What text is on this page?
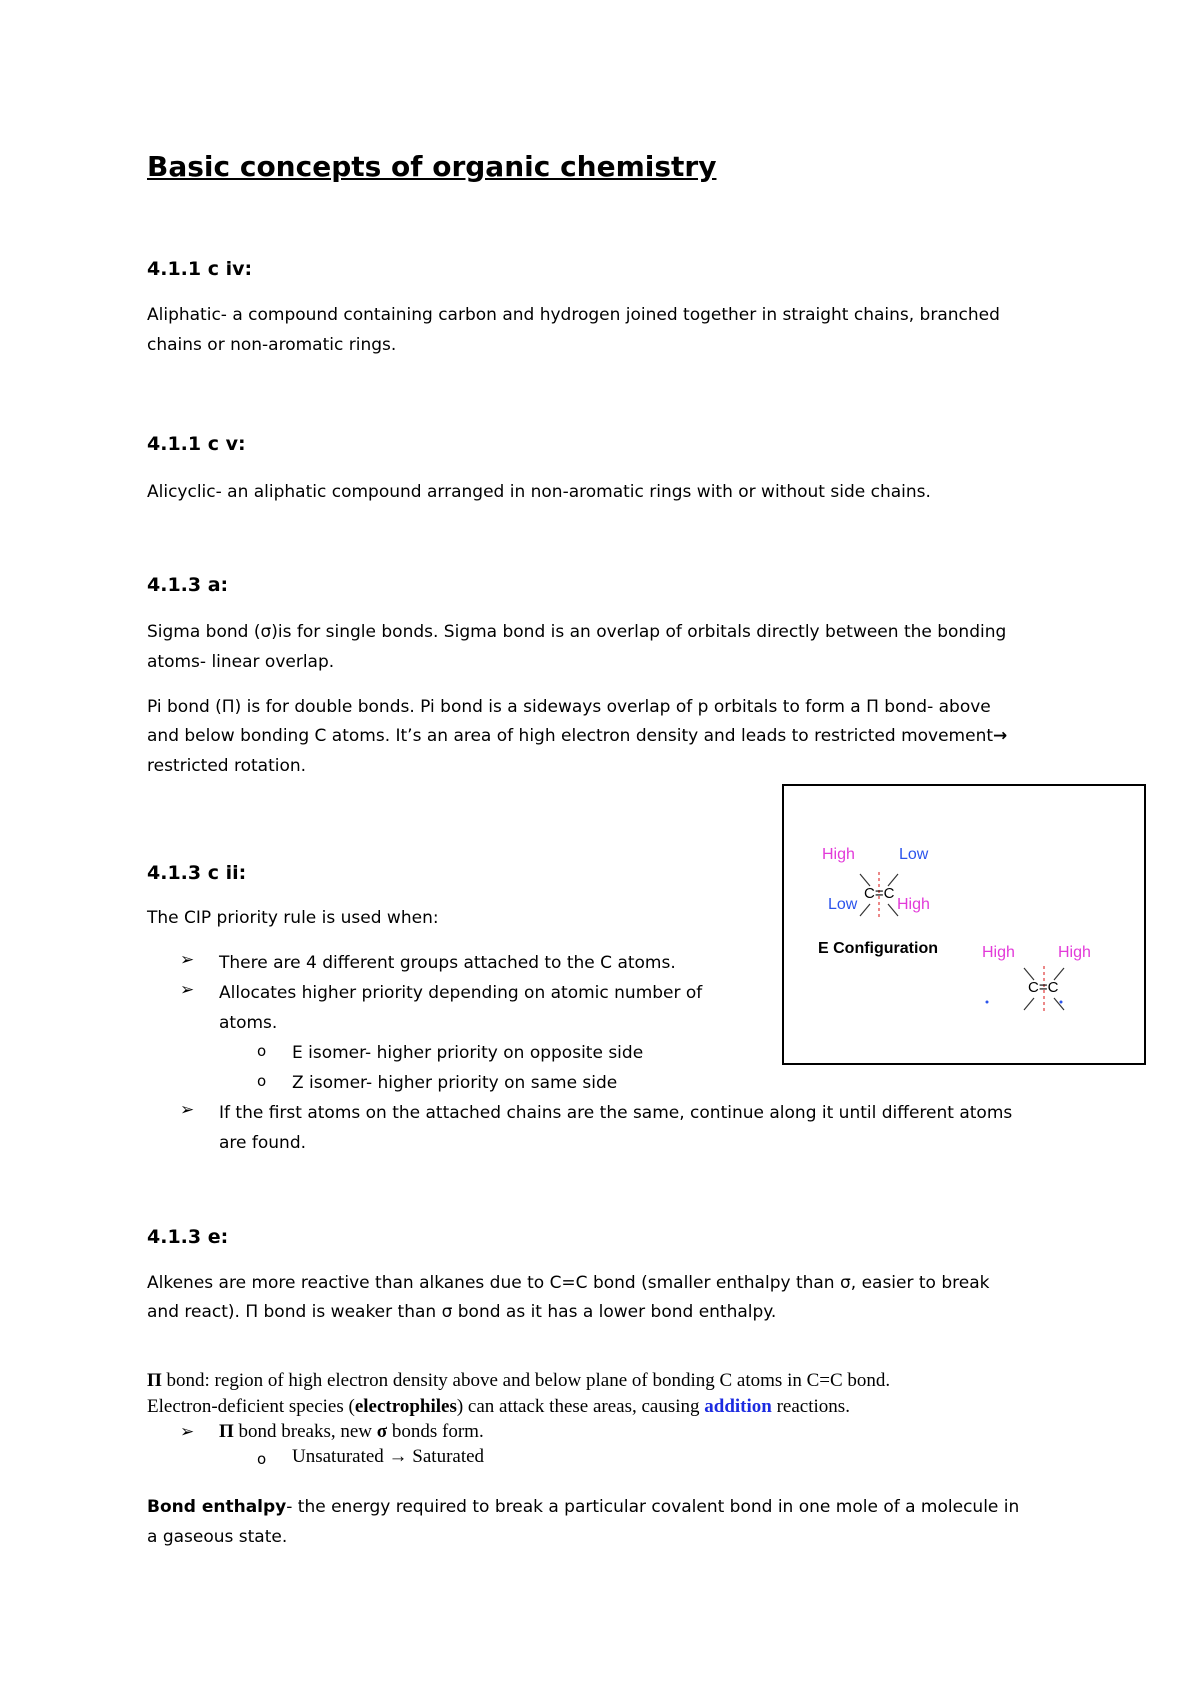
Basic concepts of organic chemistry
4.1.1 c iv:
Aliphatic- a compound containing carbon and hydrogen joined together in straight chains, branched
chains or non-aromatic rings.
4.1.1 c v:
Alicyclic- an aliphatic compound arranged in non-aromatic rings with or without side chains.
4.1.3 a:
Sigma bond (σ)is for single bonds. Sigma bond is an overlap of orbitals directly between the bonding
atoms- linear overlap.
Pi bond (Π) is for double bonds. Pi bond is a sideways overlap of p orbitals to form a Π bond- above
and below bonding C atoms. It’s an area of high electron density and leads to restricted movement→
restricted rotation.
High	Low
C=C
Low High
E Configuration	High	High
C=C
4.1.3 c ii:
The CIP priority rule is used when:
➢ There are 4 different groups attached to the C atoms.
➢ Allocates higher priority depending on atomic number of
atoms.
o E isomer- higher priority on opposite side
o Z isomer- higher priority on same side
➢ If the first atoms on the attached chains are the same, continue along it until different atoms
are found.
4.1.3 e:
Alkenes are more reactive than alkanes due to C=C bond (smaller enthalpy than σ, easier to break
and react). Π bond is weaker than σ bond as it has a lower bond enthalpy.
Π bond: region of high electron density above and below plane of bonding C atoms in C=C bond.
Electron-deficient species (electrophiles) can attack these areas, causing addition reactions.
➢ Π bond breaks, new σ bonds form.
o Unsaturated → Saturated
Bond enthalpy- the energy required to break a particular covalent bond in one mole of a molecule in
a gaseous state.
